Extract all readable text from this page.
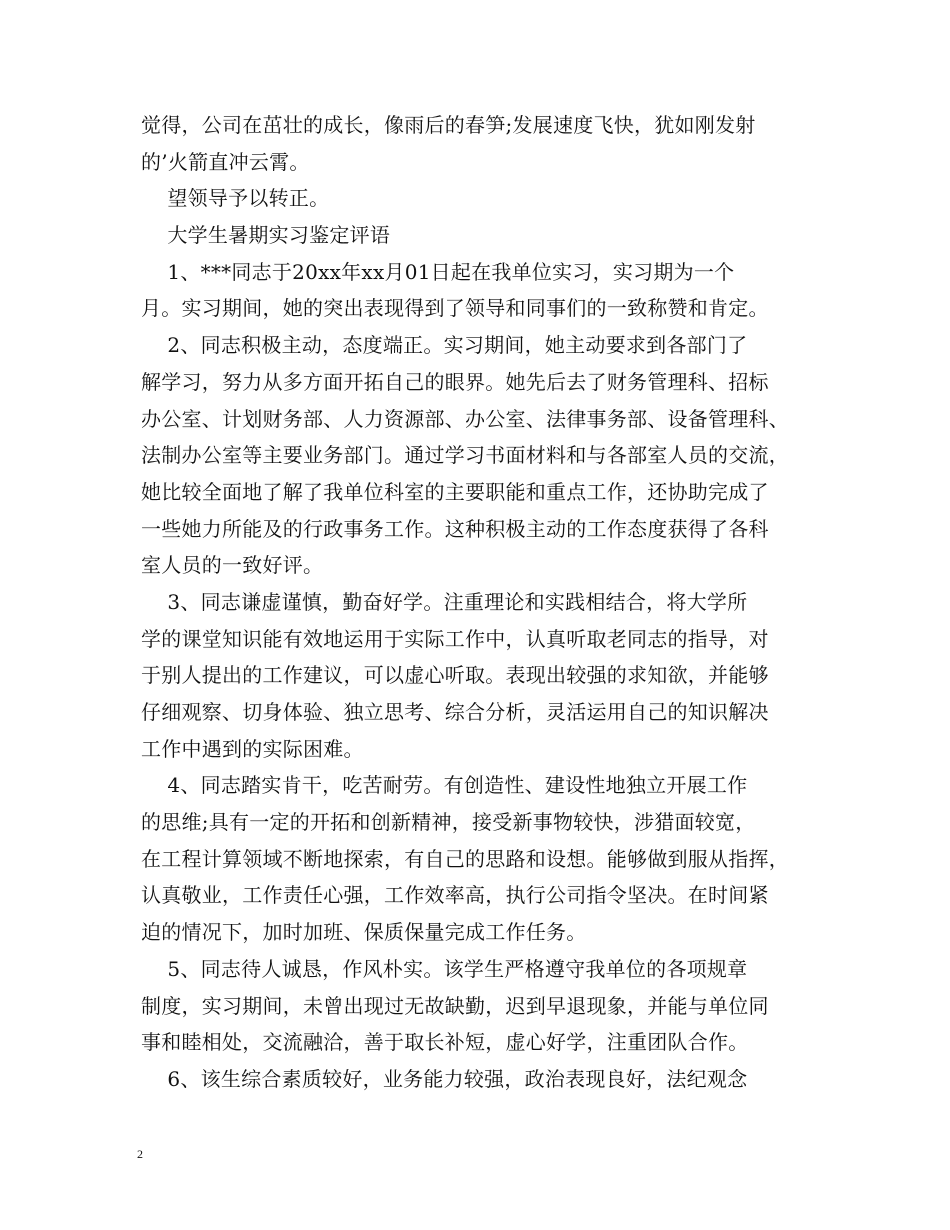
觉得，公司在茁壮的成长，像雨后的春笋;发展速度飞快，犹如刚发射
的’火箭直冲云霄。
望领导予以转正。
大学生暑期实习鉴定评语
1、***同志于20xx年xx月01日起在我单位实习，实习期为一个
月。实习期间，她的突出表现得到了领导和同事们的一致称赞和肯定。
2、同志积极主动，态度端正。实习期间，她主动要求到各部门了
解学习，努力从多方面开拓自己的眼界。她先后去了财务管理科、招标
办公室、计划财务部、人力资源部、办公室、法律事务部、设备管理科、
法制办公室等主要业务部门。通过学习书面材料和与各部室人员的交流，
她比较全面地了解了我单位科室的主要职能和重点工作，还协助完成了
一些她力所能及的行政事务工作。这种积极主动的工作态度获得了各科
室人员的一致好评。
3、同志谦虚谨慎，勤奋好学。注重理论和实践相结合，将大学所
学的课堂知识能有效地运用于实际工作中，认真听取老同志的指导，对
于别人提出的工作建议，可以虚心听取。表现出较强的求知欲，并能够
仔细观察、切身体验、独立思考、综合分析，灵活运用自己的知识解决
工作中遇到的实际困难。
4、同志踏实肯干，吃苦耐劳。有创造性、建设性地独立开展工作
的思维;具有一定的开拓和创新精神，接受新事物较快，涉猎面较宽，
在工程计算领域不断地探索，有自己的思路和设想。能够做到服从指挥，
认真敬业，工作责任心强，工作效率高，执行公司指令坚决。在时间紧
迫的情况下，加时加班、保质保量完成工作任务。
5、同志待人诚恳，作风朴实。该学生严格遵守我单位的各项规章
制度，实习期间，未曾出现过无故缺勤，迟到早退现象，并能与单位同
事和睦相处，交流融洽，善于取长补短，虚心好学，注重团队合作。
6、该生综合素质较好，业务能力较强，政治表现良好，法纪观念
2
